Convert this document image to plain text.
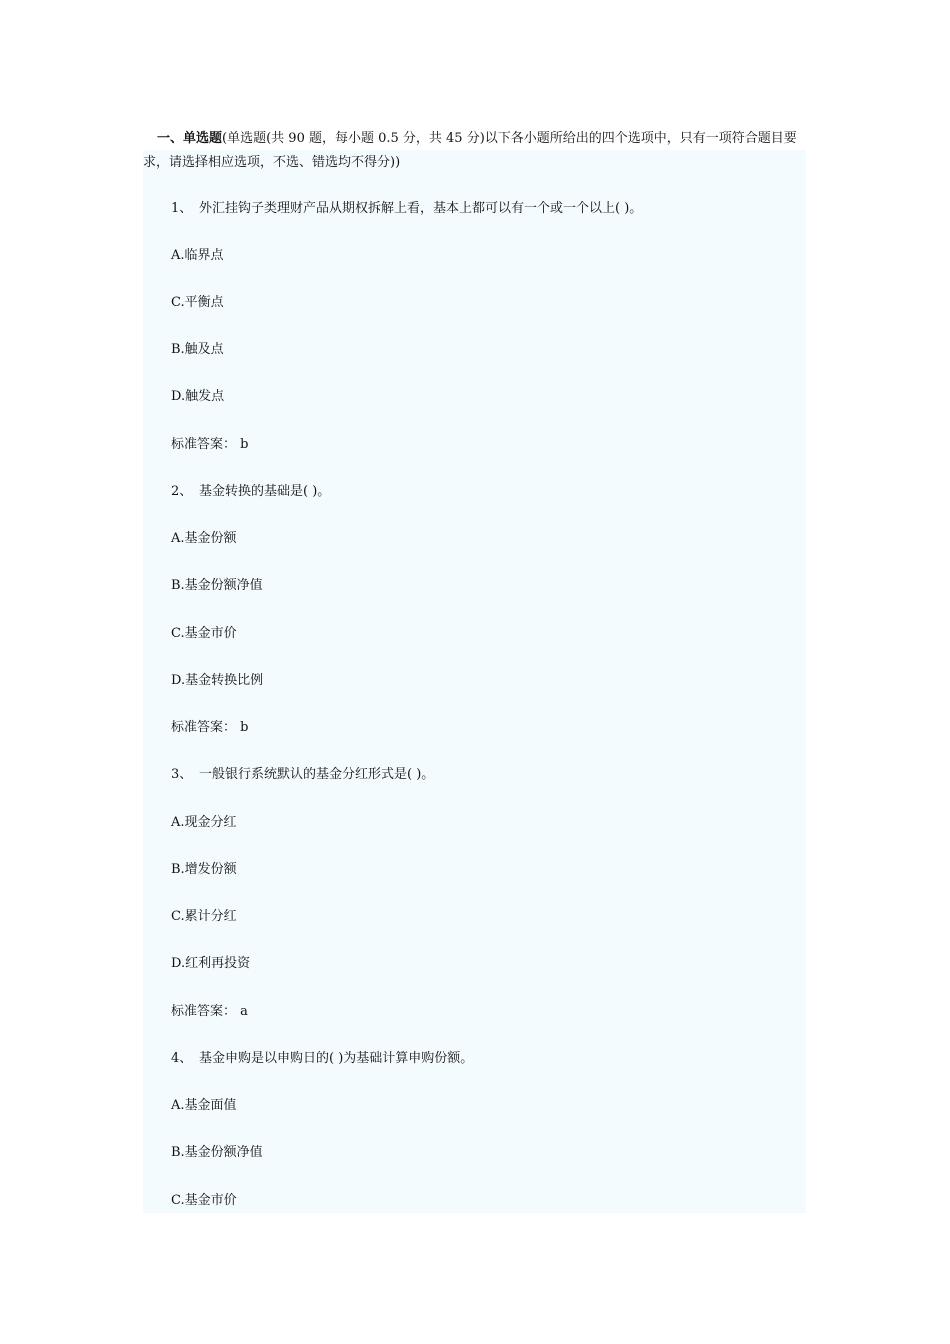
一、单选题(单选题(共 90 题，每小题 0.5 分，共 45 分)以下各小题所给出的四个选项中，只有一项符合题目要求，请选择相应选项，不选、错选均不得分))

1、 外汇挂钩子类理财产品从期权拆解上看，基本上都可以有一个或一个以上( )。

A.临界点

C.平衡点

B.触及点

D.触发点

标准答案： b

2、 基金转换的基础是( )。

A.基金份额

B.基金份额净值

C.基金市价

D.基金转换比例

标准答案： b

3、 一般银行系统默认的基金分红形式是( )。

A.现金分红

B.增发份额

C.累计分红

D.红利再投资

标准答案： a

4、 基金申购是以申购日的( )为基础计算申购份额。

A.基金面值

B.基金份额净值

C.基金市价
